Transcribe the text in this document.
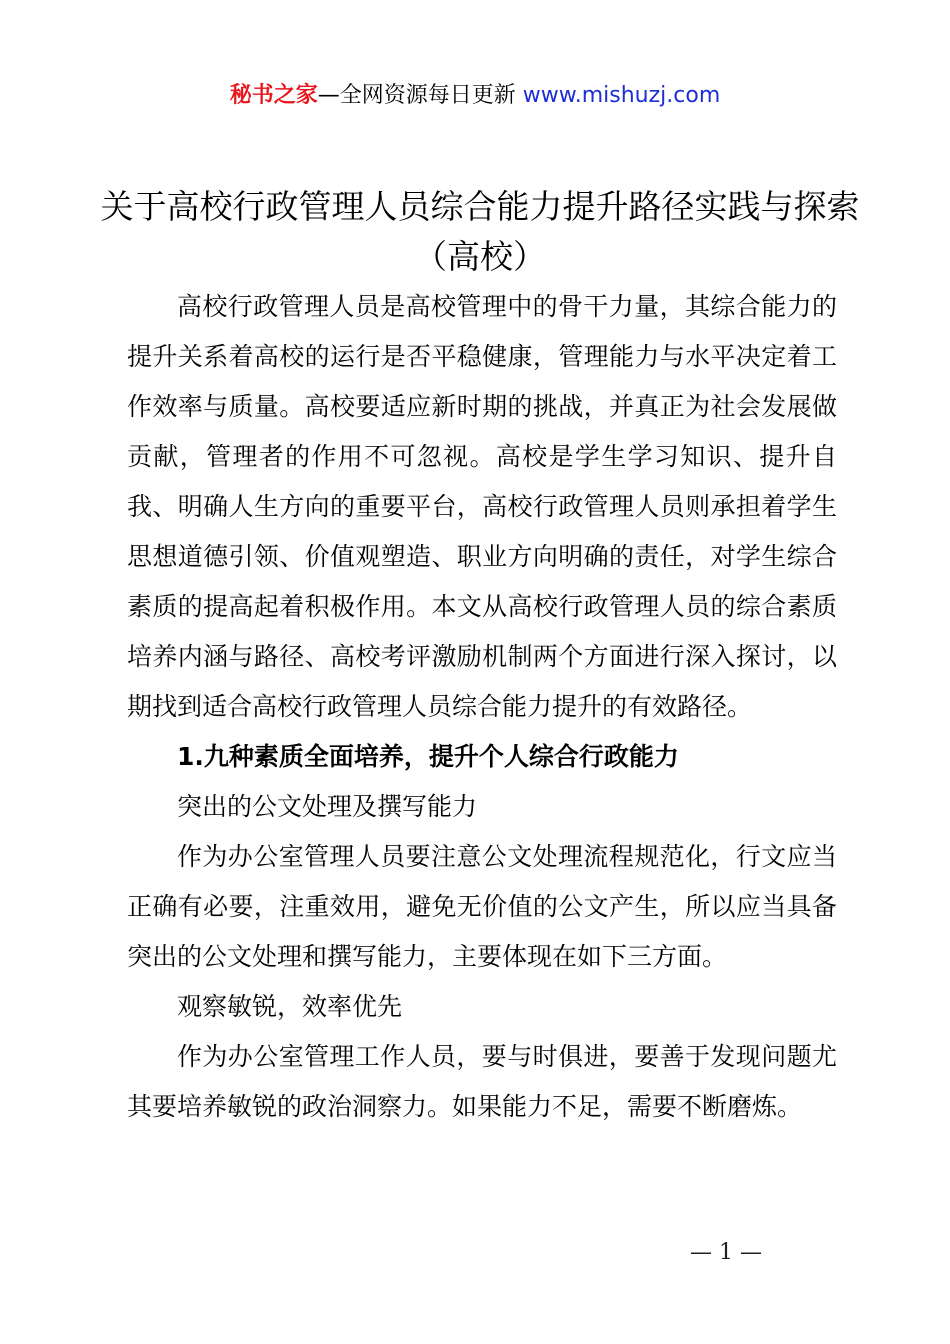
秘书之家—全网资源每日更新 www.mishuzj.com
关于高校行政管理人员综合能力提升路径实践与探索（高校）

高校行政管理人员是高校管理中的骨干力量，其综合能力的提升关系着高校的运行是否平稳健康，管理能力与水平决定着工作效率与质量。高校要适应新时期的挑战，并真正为社会发展做贡献，管理者的作用不可忽视。高校是学生学习知识、提升自我、明确人生方向的重要平台，高校行政管理人员则承担着学生思想道德引领、价值观塑造、职业方向明确的责任，对学生综合素质的提高起着积极作用。本文从高校行政管理人员的综合素质培养内涵与路径、高校考评激励机制两个方面进行深入探讨，以期找到适合高校行政管理人员综合能力提升的有效路径。

1.九种素质全面培养，提升个人综合行政能力

突出的公文处理及撰写能力

作为办公室管理人员要注意公文处理流程规范化，行文应当正确有必要，注重效用，避免无价值的公文产生，所以应当具备突出的公文处理和撰写能力，主要体现在如下三方面。

观察敏锐，效率优先

作为办公室管理工作人员，要与时俱进，要善于发现问题尤其要培养敏锐的政治洞察力。如果能力不足，需要不断磨炼。

— 1 —
